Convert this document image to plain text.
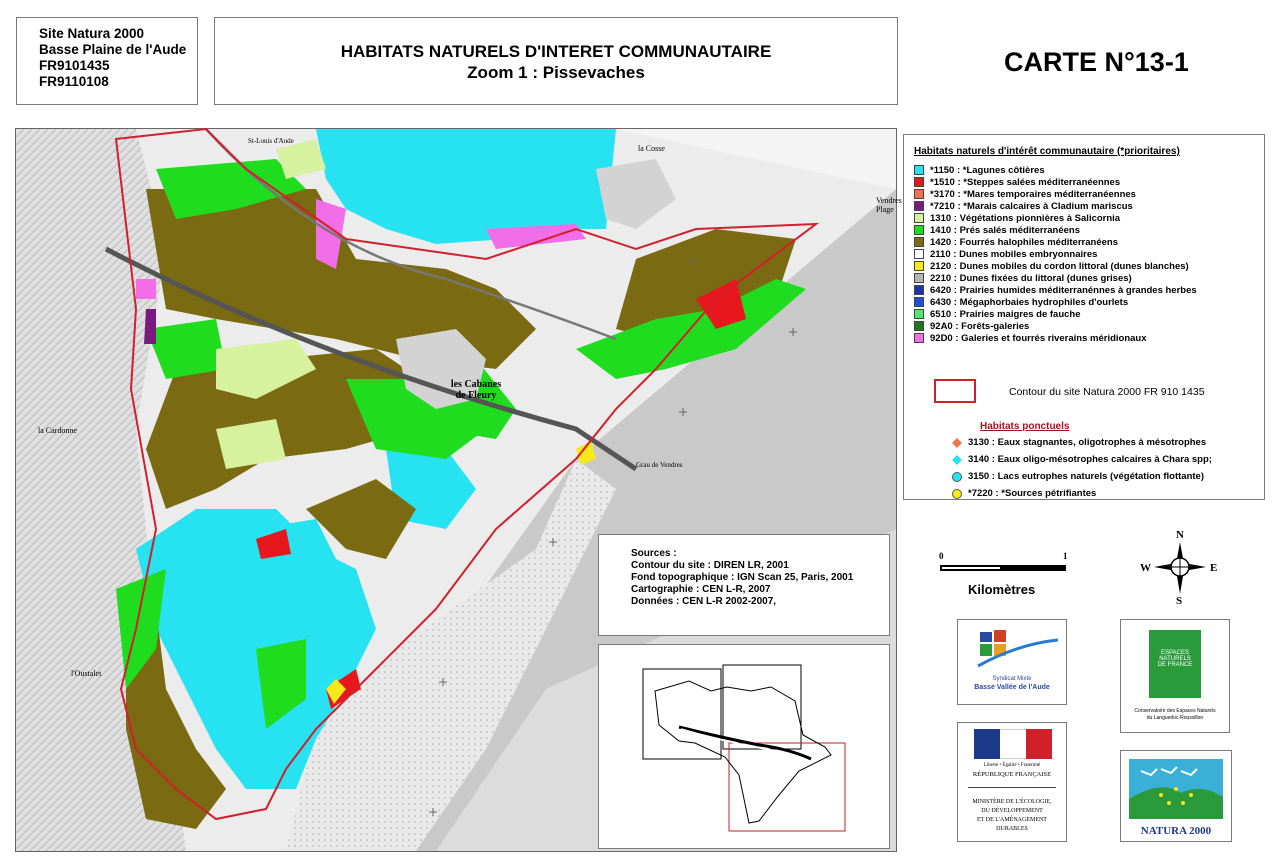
Site Natura 2000
Basse Plaine de l'Aude
FR9101435
FR9110108
HABITATS NATURELS D'INTERET COMMUNAUTAIRE
Zoom 1 : Pissevaches	CARTE N°13-1
les Cabanes de Fleury
Vendres Plage
St-Louis d'Aude
la Cosse
la Cardonne
l'Oustalet
Grau de Vendres
Habitats naturels d'intérêt communautaire (*prioritaires)
*1150 : *Lagunes côtières
*1510 : *Steppes salées méditerranéennes
*3170 : *Mares temporaires méditerranéennes
*7210 : *Marais calcaires à Cladium mariscus
1310 : Végétations pionnières à Salicornia
1410 : Prés salés méditerranéens
1420 : Fourrés halophiles méditerranéens
2110 : Dunes mobiles embryonnaires
2120 : Dunes mobiles du cordon littoral (dunes blanches)
2210 : Dunes fixées du littoral (dunes grises)
6420 : Prairies humides méditerranénnes à grandes herbes
6430 : Mégaphorbaies hydrophiles d'ourlets
6510 : Prairies maigres de fauche
92A0 : Forêts-galeries
92D0 : Galeries et fourrés riverains méridionaux
Contour du site Natura 2000 FR 910 1435
Habitats ponctuels
3130 : Eaux stagnantes, oligotrophes à mésotrophes
3140 : Eaux oligo-mésotrophes calcaires à Chara spp;
3150 : Lacs eutrophes naturels (végétation flottante)
*7220 : *Sources pétrifiantes
Sources :
Contour du site : DIREN LR, 2001
Fond topographique : IGN Scan 25, Paris, 2001
Cartographie : CEN L-R, 2007
Données : CEN L-R 2002-2007,
0	1
Kilomètres
N
S
E
W
Syndicat Mixte
Basse Vallée de l'Aude
ESPACES
NATURELS
DE FRANCE
Conservatoire des Espaces Naturels
du Languedoc-Roussillon
Liberté • Égalité • Fraternité
RÉPUBLIQUE FRANÇAISE
MINISTÈRE DE L'ÉCOLOGIE,
DU DÉVELOPPEMENT
ET DE L'AMÉNAGEMENT
DURABLES	NATURA 2000
